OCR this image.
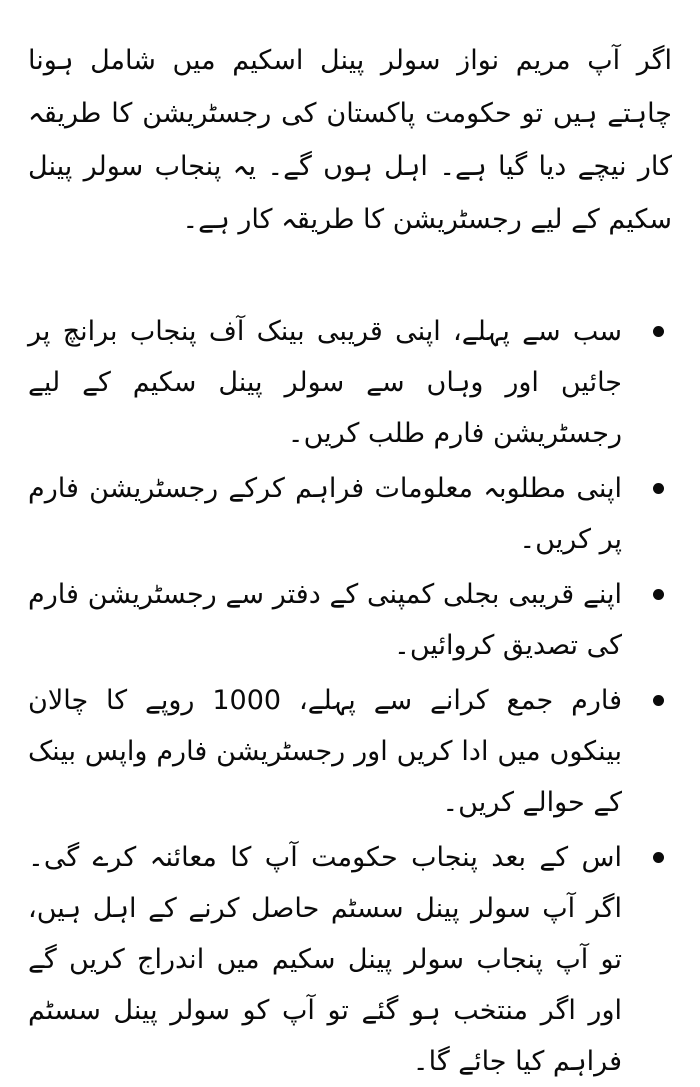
اگر آپ مریم نواز سولر پینل اسکیم میں شامل ہونا چاہتے ہیں تو حکومت پاکستان کی رجسٹریشن کا طریقہ کار نیچے دیا گیا ہے۔ اہل ہوں گے۔ یہ پنجاب سولر پینل سکیم کے لیے رجسٹریشن کا طریقہ کار ہے۔

سب سے پہلے، اپنی قریبی بینک آف پنجاب برانچ پر جائیں اور وہاں سے سولر پینل سکیم کے لیے رجسٹریشن فارم طلب کریں۔
اپنی مطلوبہ معلومات فراہم کرکے رجسٹریشن فارم پر کریں۔
اپنے قریبی بجلی کمپنی کے دفتر سے رجسٹریشن فارم کی تصدیق کروائیں۔
فارم جمع کرانے سے پہلے، 1000 روپے کا چالان بینکوں میں ادا کریں اور رجسٹریشن فارم واپس بینک کے حوالے کریں۔
اس کے بعد پنجاب حکومت آپ کا معائنہ کرے گی۔ اگر آپ سولر پینل سسٹم حاصل کرنے کے اہل ہیں، تو آپ پنجاب سولر پینل سکیم میں اندراج کریں گے اور اگر منتخب ہو گئے تو آپ کو سولر پینل سسٹم فراہم کیا جائے گا۔
